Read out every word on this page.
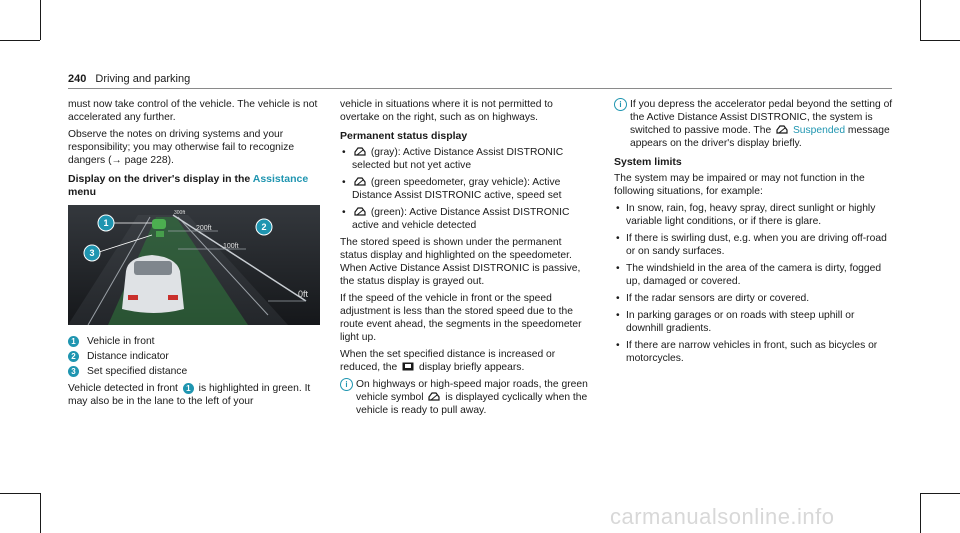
240 Driving and parking

must now take control of the vehicle. The vehicle is not accelerated any further.

Observe the notes on driving systems and your responsibility; you may otherwise fail to recognize dangers (→ page 228).

Display on the driver's display in the Assistance
menu
300ft
200ft
100ft
0ft
1	2
3
1	Vehicle in front
2	Distance indicator
3	Set specified distance

Vehicle detected in front 1 is highlighted in green. It may also be in the lane to the left of your

vehicle in situations where it is not permitted to overtake on the right, such as on highways.

Permanent status display
• (gray): Active Distance Assist DISTRONIC selected but not yet active
• (green speedometer, gray vehicle): Active Distance Assist DISTRONIC active, speed set
• (green): Active Distance Assist DISTRONIC active and vehicle detected

The stored speed is shown under the permanent status display and highlighted on the speedometer. When Active Distance Assist DISTRONIC is passive, the status display is grayed out.

If the speed of the vehicle in front or the speed adjustment is less than the stored speed due to the route event ahead, the segments in the speedometer light up.

When the set specified distance is increased or reduced, the display briefly appears.

i On highways or high-speed major roads, the green vehicle symbol is displayed cyclically when the vehicle is ready to pull away.
i If you depress the accelerator pedal beyond the setting of the Active Distance Assist DISTRONIC, the system is switched to passive mode. The Suspended message appears on the driver's display briefly.
System limits

The system may be impaired or may not function in the following situations, for example:

• In snow, rain, fog, heavy spray, direct sunlight or highly variable light conditions, or if there is glare.
• If there is swirling dust, e.g. when you are driving off-road or on sandy surfaces.
• The windshield in the area of the camera is dirty, fogged up, damaged or covered.
• If the radar sensors are dirty or covered.
• In parking garages or on roads with steep uphill or downhill gradients.
• If there are narrow vehicles in front, such as bicycles or motorcycles.
carmanualsonline.info
